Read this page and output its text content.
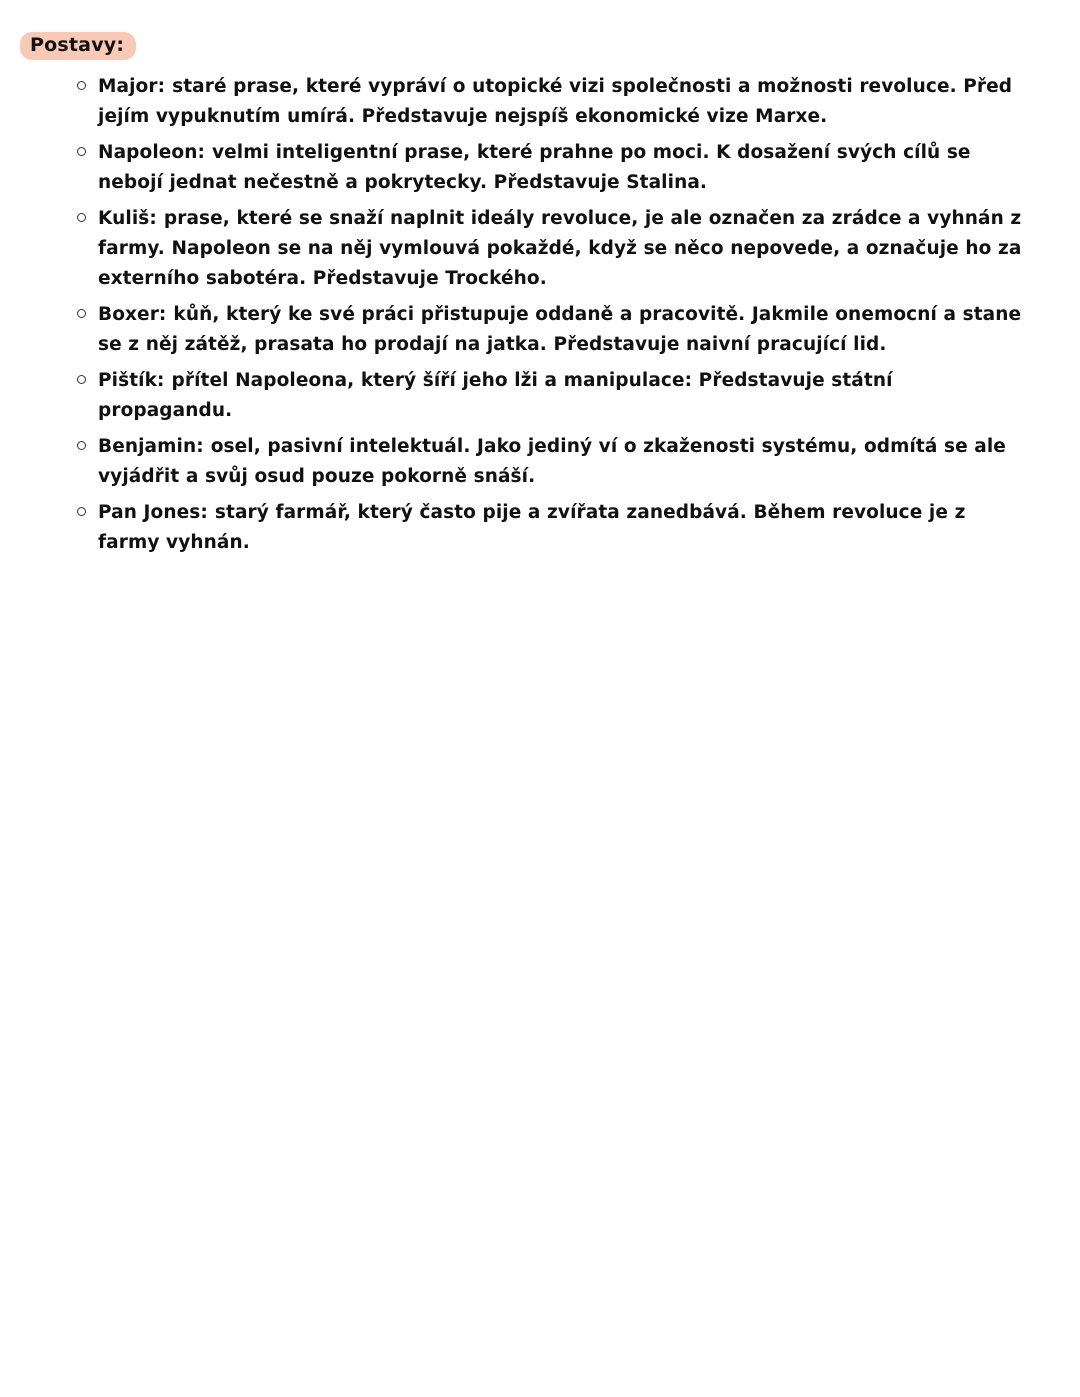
Postavy:
Major: staré prase, které vypráví o utopické vizi společnosti a možnosti revoluce. Před jejím vypuknutím umírá. Představuje nejspíš ekonomické vize Marxe.
Napoleon: velmi inteligentní prase, které prahne po moci. K dosažení svých cílů se nebojí jednat nečestně a pokrytecky. Představuje Stalina.
Kuliš: prase, které se snaží naplnit ideály revoluce, je ale označen za zrádce a vyhnán z farmy. Napoleon se na něj vymlouvá pokaždé, když se něco nepovede, a označuje ho za externího sabotéra. Představuje Trockého.
Boxer: kůň, který ke své práci přistupuje oddaně a pracovitě. Jakmile onemocní a stane se z něj zátěž, prasata ho prodají na jatka. Představuje naivní pracující lid.
Pištík: přítel Napoleona, který šíří jeho lži a manipulace: Představuje státní propagandu.
Benjamin: osel, pasivní intelektuál. Jako jediný ví o zkaženosti systému, odmítá se ale vyjádřit a svůj osud pouze pokorně snáší.
Pan Jones: starý farmář, který často pije a zvířata zanedbává. Během revoluce je z farmy vyhnán.
